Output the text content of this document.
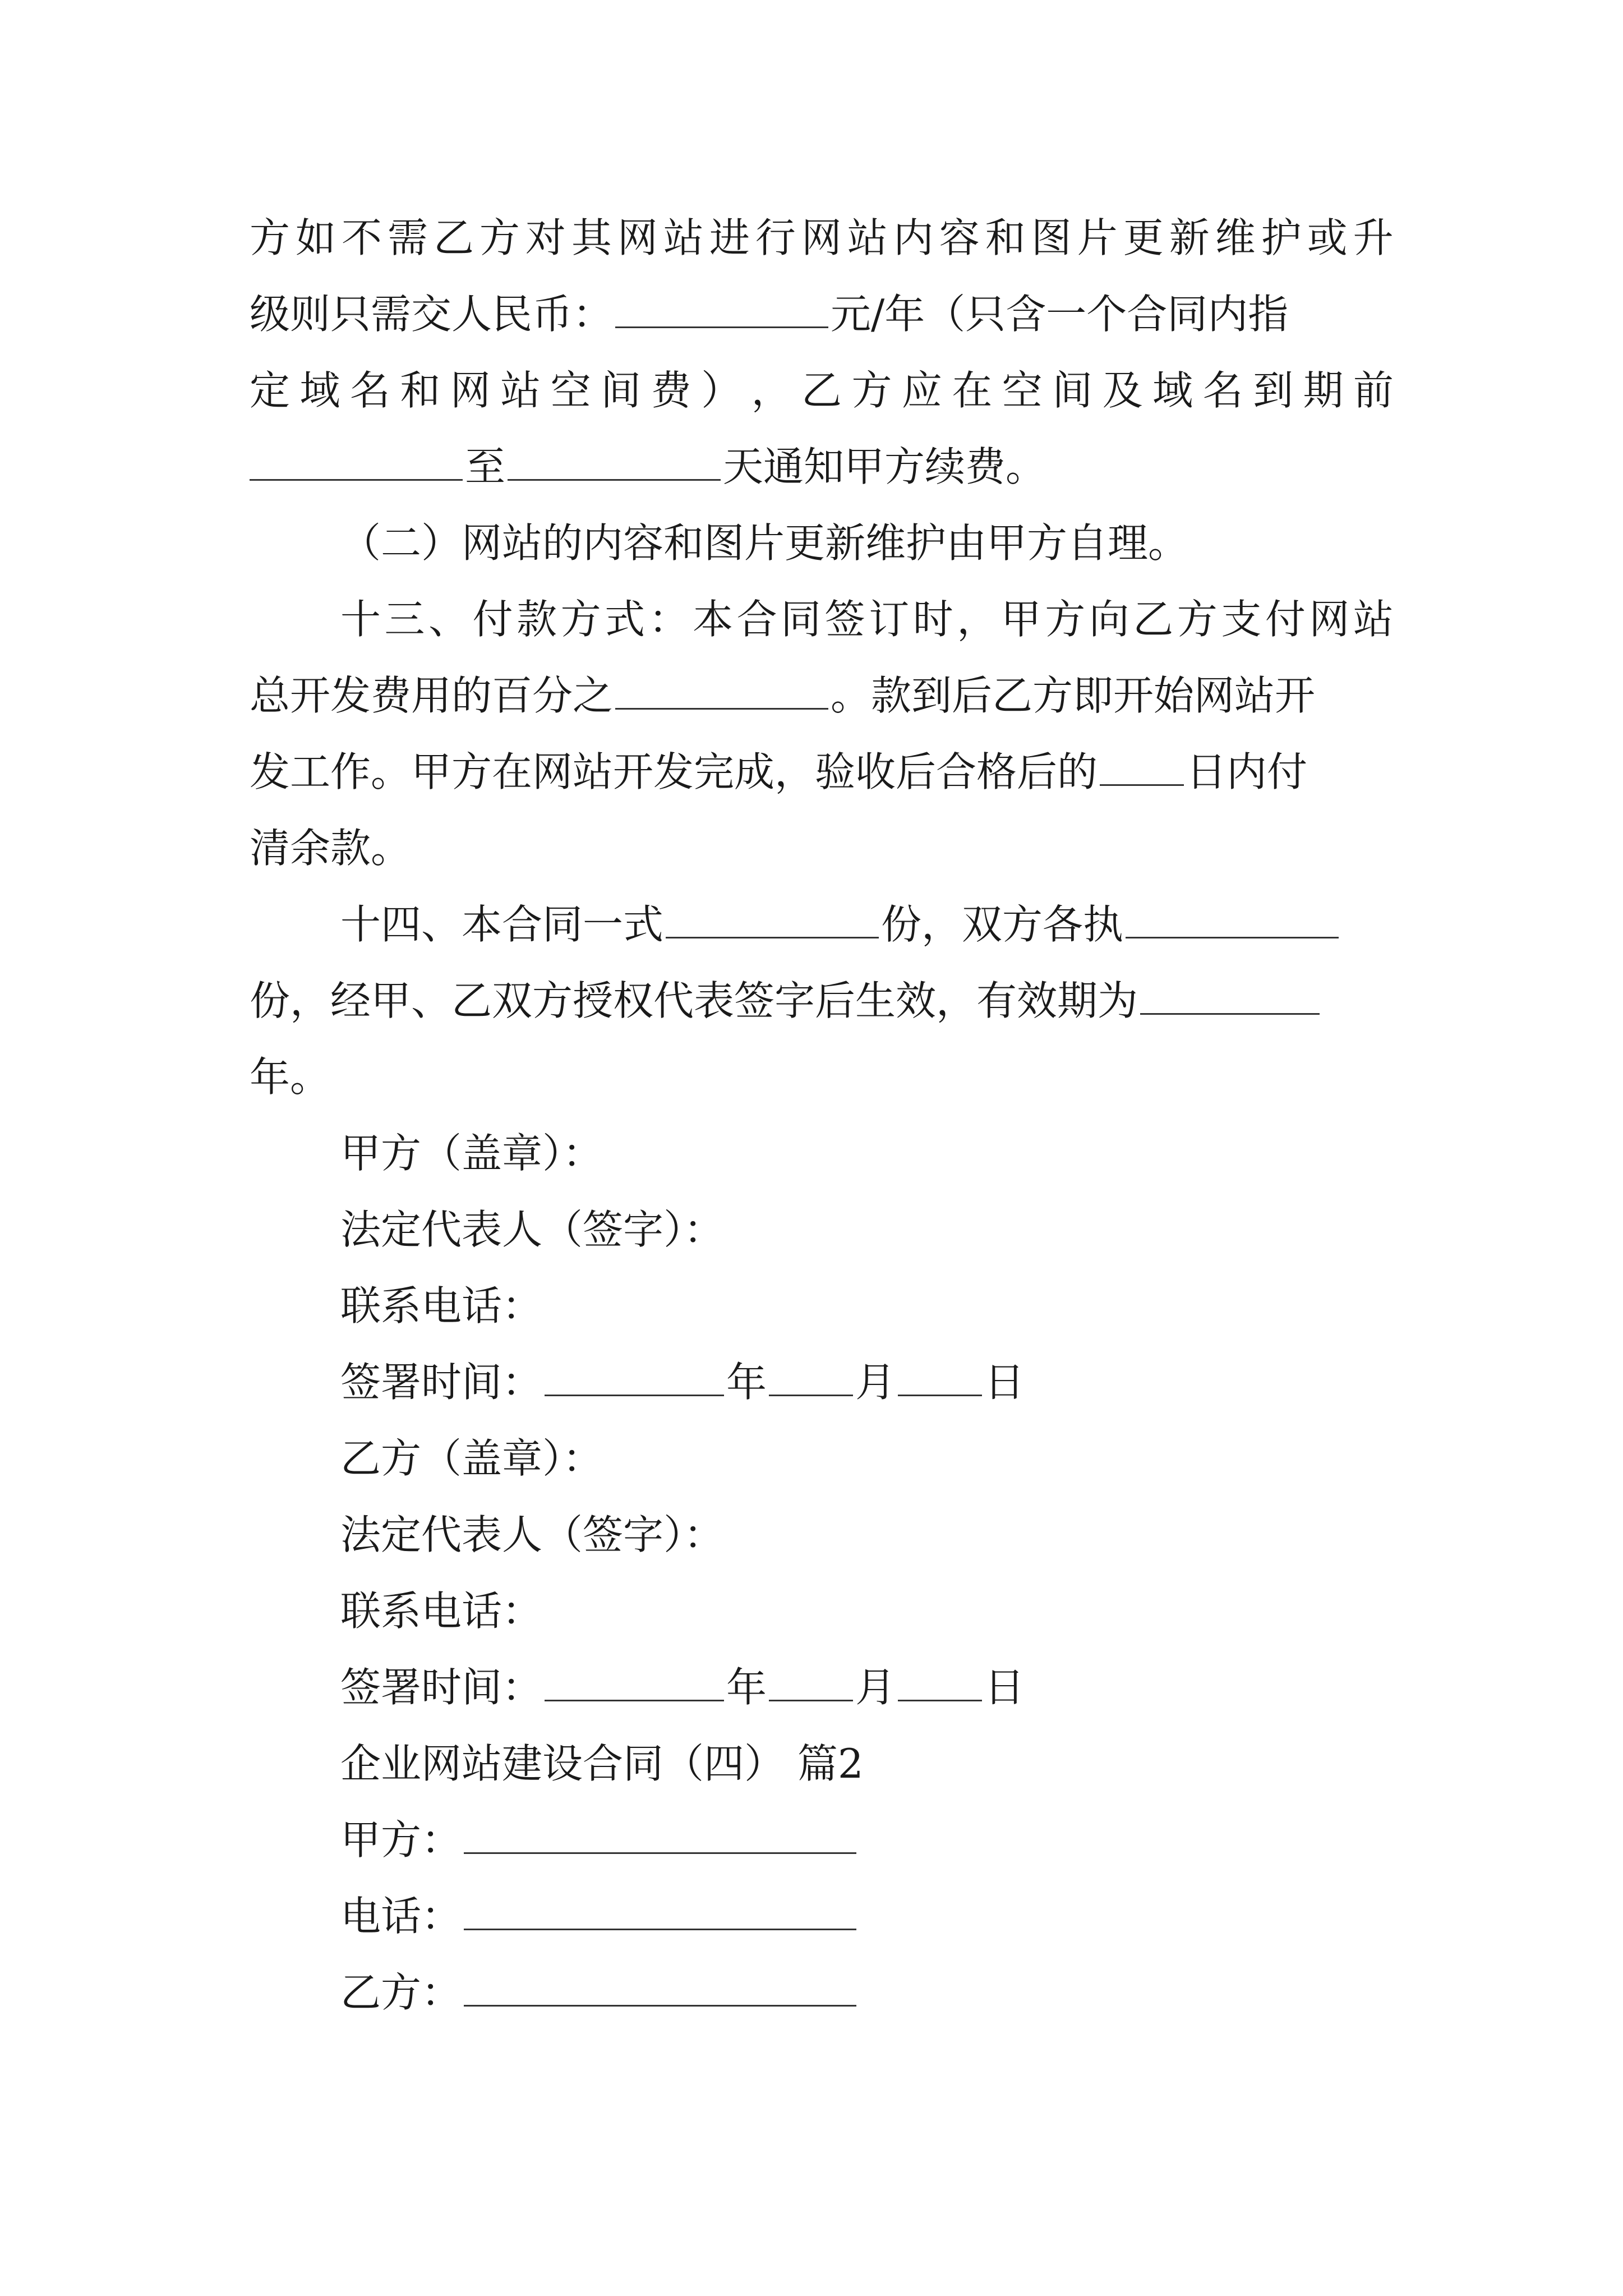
方 如 不 需 乙 方 对 其 网 站 进 行 网 站 内 容 和 图 片 更 新 维 护 或 升
级则只需交人民币：	元/年（只含一个合同内指
定 域 名 和 网 站 空 间 费 ） ， 乙 方 应 在 空 间 及 域 名 到 期 前
至	天通知甲方续费。
（二）网站的内容和图片更新维护由甲方自理。
十 三 、 付 款 方 式 ： 本 合 同 签 订 时 ， 甲 方 向 乙 方 支 付 网 站
总开发费用的百分之	。款到后乙方即开始网站开
发工作。甲方在网站开发完成，验收后合格后的 日内付
清余款。
十四、本合同一式	份，双方各执
份，经甲、乙双方授权代表签字后生效，有效期为
年。
甲方（盖章）：
法定代表人（签字）：
联系电话：
签署时间：	年 月 日
乙方（盖章）：
法定代表人（签字）：
联系电话：
签署时间：	年 月 日
企业网站建设合同（四） 篇2
甲方：
电话：
乙方：
